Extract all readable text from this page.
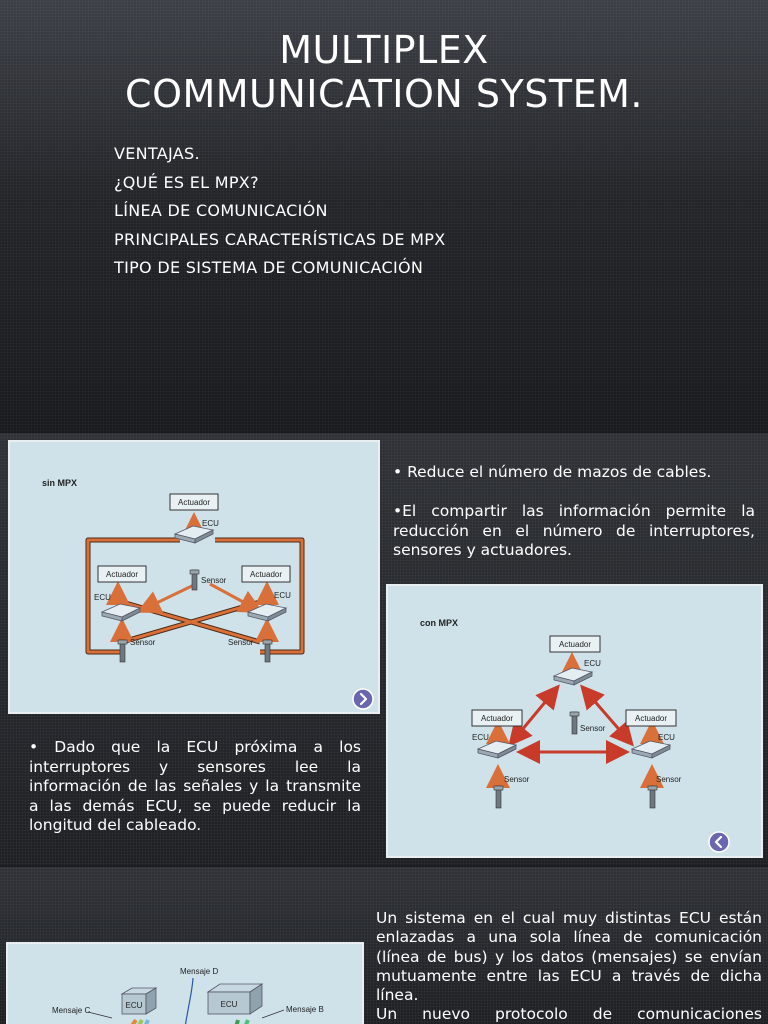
MULTIPLEX
COMMUNICATION SYSTEM.
VENTAJAS.
¿QUÉ ES EL MPX?
LÍNEA DE COMUNICACIÓN
PRINCIPALES CARACTERÍSTICAS DE MPX
TIPO DE SISTEMA DE COMUNICACIÓN
sin MPX
Actuador
Actuador	Actuador
ECU
ECU	ECU
Sensor
Sensor	Sensor
• Reduce el número de mazos de cables.
•El compartir las información permite la reducción en el número de interruptores, sensores y actuadores.
con MPX
Actuador
Actuador	Actuador
ECU
Sensor
ECU	ECU
Sensor	Sensor
• Dado que la ECU próxima a los interruptores y sensores lee la información de las señales y la transmite a las demás ECU, se puede reducir la longitud del cableado.
Mensaje D
Mensaje C	Mensaje B
ECU	ECU
Un sistema en el cual muy distintas ECU están enlazadas a una sola línea de comunicación (línea de bus) y los datos (mensajes) se envían mutuamente entre las ECU a través de dicha línea.

Un nuevo protocolo de comunicaciones
